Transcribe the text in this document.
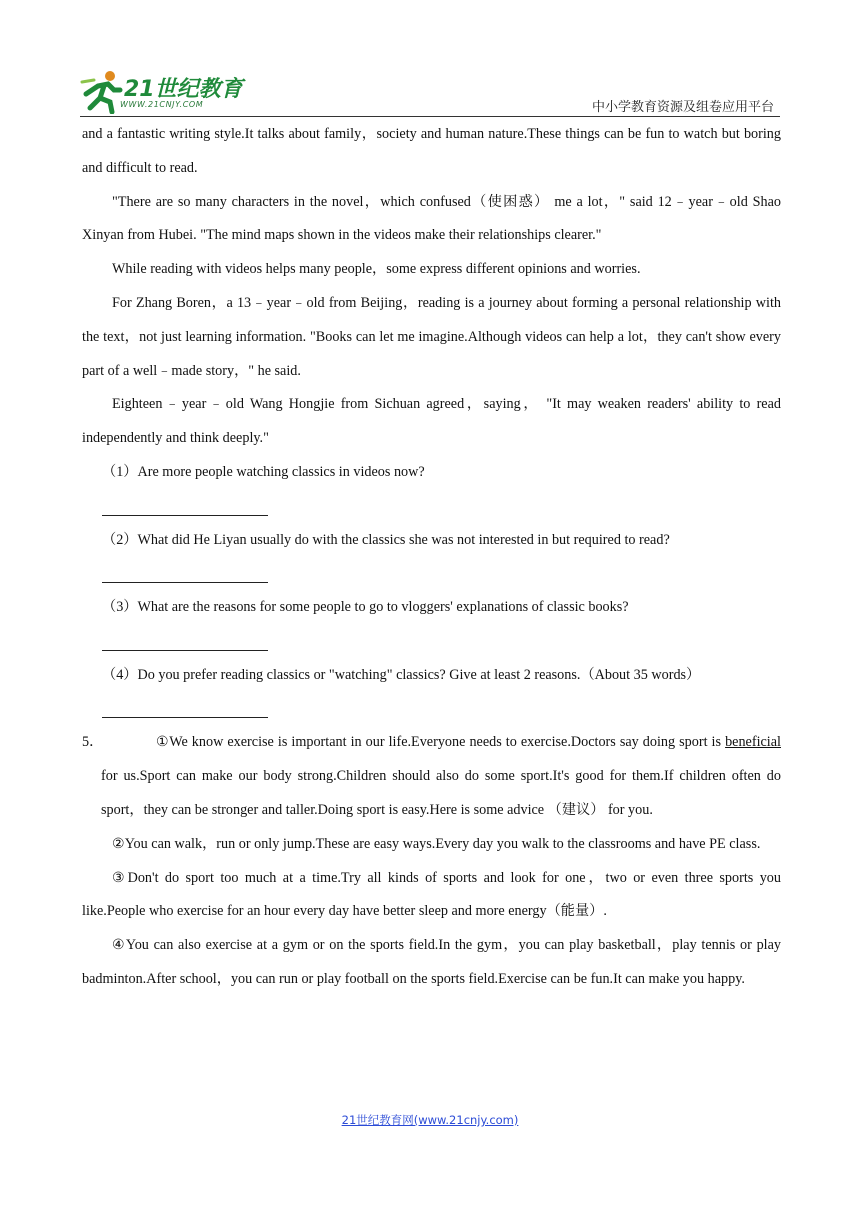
21世纪教育
WWW.21CNJY.COM	中小学教育资源及组卷应用平台

and a fantastic writing style.It talks about family，society and human nature.These things can be fun to watch but boring and difficult to read.

"There are so many characters in the novel，which confused（使困惑） me a lot，" said 12﹣year﹣old Shao Xinyan from Hubei. "The mind maps shown in the videos make their relationships clearer."

While reading with videos helps many people，some express different opinions and worries.

For Zhang Boren，a 13﹣year﹣old from Beijing，reading is a journey about forming a personal relationship with the text，not just learning information. "Books can let me imagine.Although videos can help a lot，they can't show every part of a well﹣made story，" he said.

Eighteen﹣year﹣old Wang Hongjie from Sichuan agreed，saying， "It may weaken readers' ability to read independently and think deeply."

（1）Are more people watching classics in videos now?

（2）What did He Liyan usually do with the classics she was not interested in but required to read?

（3）What are the reasons for some people to go to vloggers' explanations of classic books?

（4）Do you prefer reading classics or "watching" classics? Give at least 2 reasons.（About 35 words）

5．	①We know exercise is important in our life.Everyone needs to exercise.Doctors say doing sport is beneficial for us.Sport can make our body strong.Children should also do some sport.It's good for them.If children often do sport，they can be stronger and taller.Doing sport is easy.Here is some advice （建议） for you.

②You can walk，run or only jump.These are easy ways.Every day you walk to the classrooms and have PE class.

③Don't do sport too much at a time.Try all kinds of sports and look for one，two or even three sports you like.People who exercise for an hour every day have better sleep and more energy（能量）.

④You can also exercise at a gym or on the sports field.In the gym，you can play basketball，play tennis or play badminton.After school，you can run or play football on the sports field.Exercise can be fun.It can make you happy.

21世纪教育网(www.21cnjy.com)
